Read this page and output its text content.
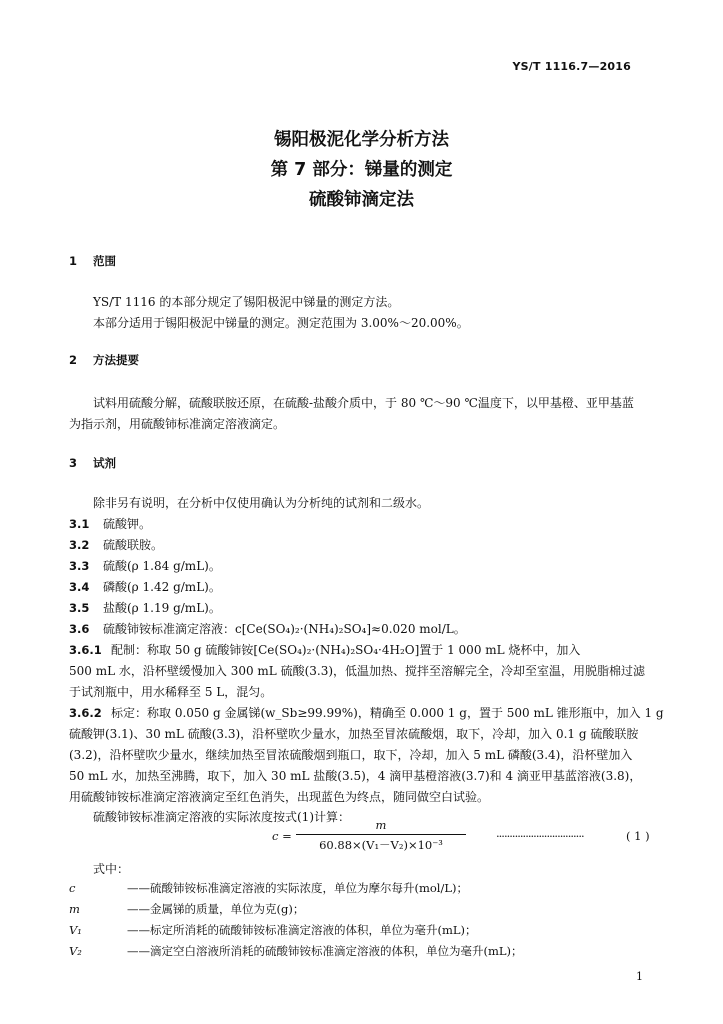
YS/T 1116.7—2016
锡阳极泥化学分析方法
第 7 部分：锑量的测定
硫酸铈滴定法
1 范围
YS/T 1116 的本部分规定了锡阳极泥中锑量的测定方法。
本部分适用于锡阳极泥中锑量的测定。测定范围为 3.00%～20.00%。
2 方法提要
试料用硫酸分解，硫酸联胺还原，在硫酸-盐酸介质中，于 80 ℃～90 ℃温度下，以甲基橙、亚甲基蓝
为指示剂，用硫酸铈标准滴定溶液滴定。
3 试剂
除非另有说明，在分析中仅使用确认为分析纯的试剂和二级水。
3.1 硫酸钾。
3.2 硫酸联胺。
3.3 硫酸(ρ 1.84 g/mL)。
3.4 磷酸(ρ 1.42 g/mL)。
3.5 盐酸(ρ 1.19 g/mL)。
3.6 硫酸铈铵标准滴定溶液：c[Ce(SO₄)₂·(NH₄)₂SO₄]≈0.020 mol/L。
3.6.1 配制：称取 50 g 硫酸铈铵[Ce(SO₄)₂·(NH₄)₂SO₄·4H₂O]置于 1 000 mL 烧杯中，加入
500 mL 水，沿杯壁缓慢加入 300 mL 硫酸(3.3)，低温加热、搅拌至溶解完全，冷却至室温，用脱脂棉过滤
于试剂瓶中，用水稀释至 5 L，混匀。
3.6.2 标定：称取 0.050 g 金属锑(w_Sb≥99.99%)，精确至 0.000 1 g，置于 500 mL 锥形瓶中，加入 1 g
硫酸钾(3.1)、30 mL 硫酸(3.3)，沿杯壁吹少量水，加热至冒浓硫酸烟，取下，冷却，加入 0.1 g 硫酸联胺
(3.2)，沿杯壁吹少量水，继续加热至冒浓硫酸烟到瓶口，取下，冷却，加入 5 mL 磷酸(3.4)，沿杯壁加入
50 mL 水，加热至沸腾，取下，加入 30 mL 盐酸(3.5)，4 滴甲基橙溶液(3.7)和 4 滴亚甲基蓝溶液(3.8)，
用硫酸铈铵标准滴定溶液滴定至红色消失，出现蓝色为终点，随同做空白试验。
硫酸铈铵标准滴定溶液的实际浓度按式(1)计算：
c =
m
60.88×(V₁－V₂)×10⁻³
·································	( 1 )
式中：
c	——硫酸铈铵标准滴定溶液的实际浓度，单位为摩尔每升(mol/L)；
m	——金属锑的质量，单位为克(g)；
V₁	——标定所消耗的硫酸铈铵标准滴定溶液的体积，单位为毫升(mL)；
V₂	——滴定空白溶液所消耗的硫酸铈铵标准滴定溶液的体积，单位为毫升(mL)；
1
